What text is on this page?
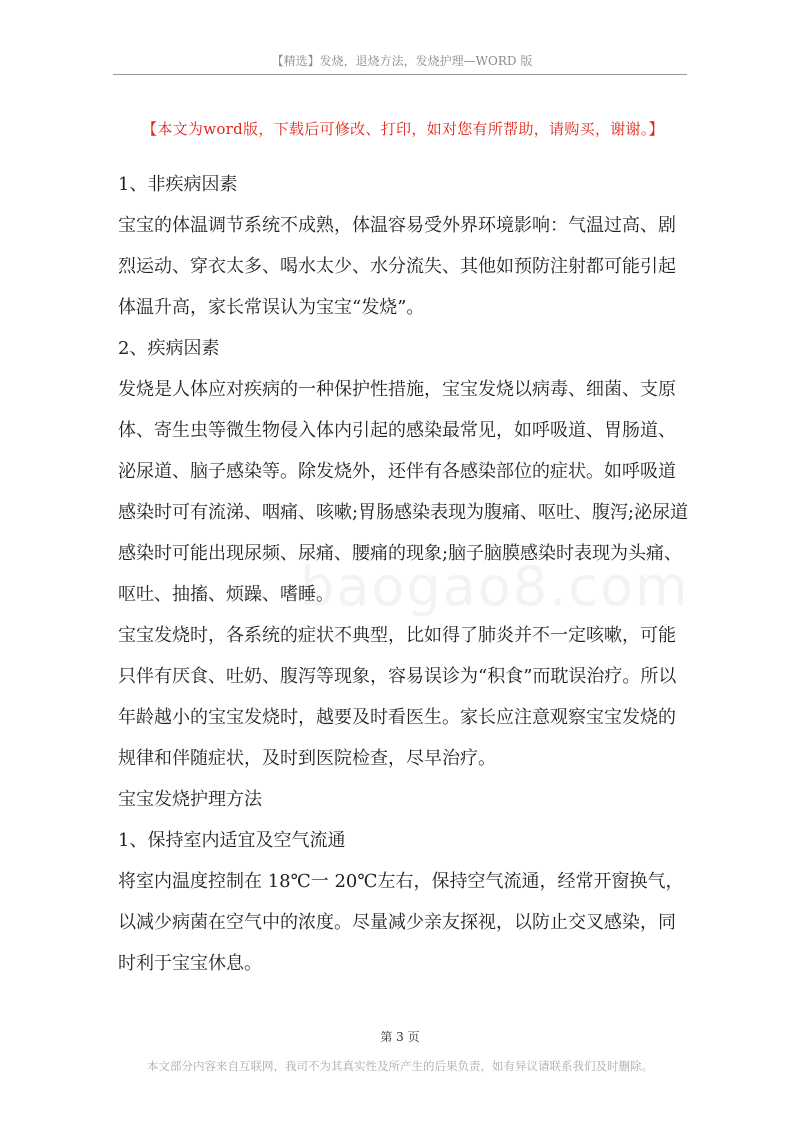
【精选】发烧，退烧方法，发烧护理—WORD 版
【本文为word版，下载后可修改、打印，如对您有所帮助，请购买，谢谢。】
baogao8.com

1、非疾病因素

宝宝的体温调节系统不成熟，体温容易受外界环境影响：气温过高、剧烈运动、穿衣太多、喝水太少、水分流失、其他如预防注射都可能引起体温升高，家长常误认为宝宝“发烧”。

2、疾病因素

发烧是人体应对疾病的一种保护性措施，宝宝发烧以病毒、细菌、支原体、寄生虫等微生物侵入体内引起的感染最常见，如呼吸道、胃肠道、泌尿道、脑子感染等。除发烧外，还伴有各感染部位的症状。如呼吸道感染时可有流涕、咽痛、咳嗽;胃肠感染表现为腹痛、呕吐、腹泻;泌尿道感染时可能出现尿频、尿痛、腰痛的现象;脑子脑膜感染时表现为头痛、呕吐、抽搐、烦躁、嗜睡。

宝宝发烧时，各系统的症状不典型，比如得了肺炎并不一定咳嗽，可能只伴有厌食、吐奶、腹泻等现象，容易误诊为“积食”而耽误治疗。所以年龄越小的宝宝发烧时，越要及时看医生。家长应注意观察宝宝发烧的规律和伴随症状，及时到医院检查，尽早治疗。

宝宝发烧护理方法

1、保持室内适宜及空气流通

将室内温度控制在 18℃一 20℃左右，保持空气流通，经常开窗换气，以减少病菌在空气中的浓度。尽量减少亲友探视，以防止交叉感染，同时利于宝宝休息。

第 3 页
本文部分内容来自互联网，我司不为其真实性及所产生的后果负责，如有异议请联系我们及时删除。
